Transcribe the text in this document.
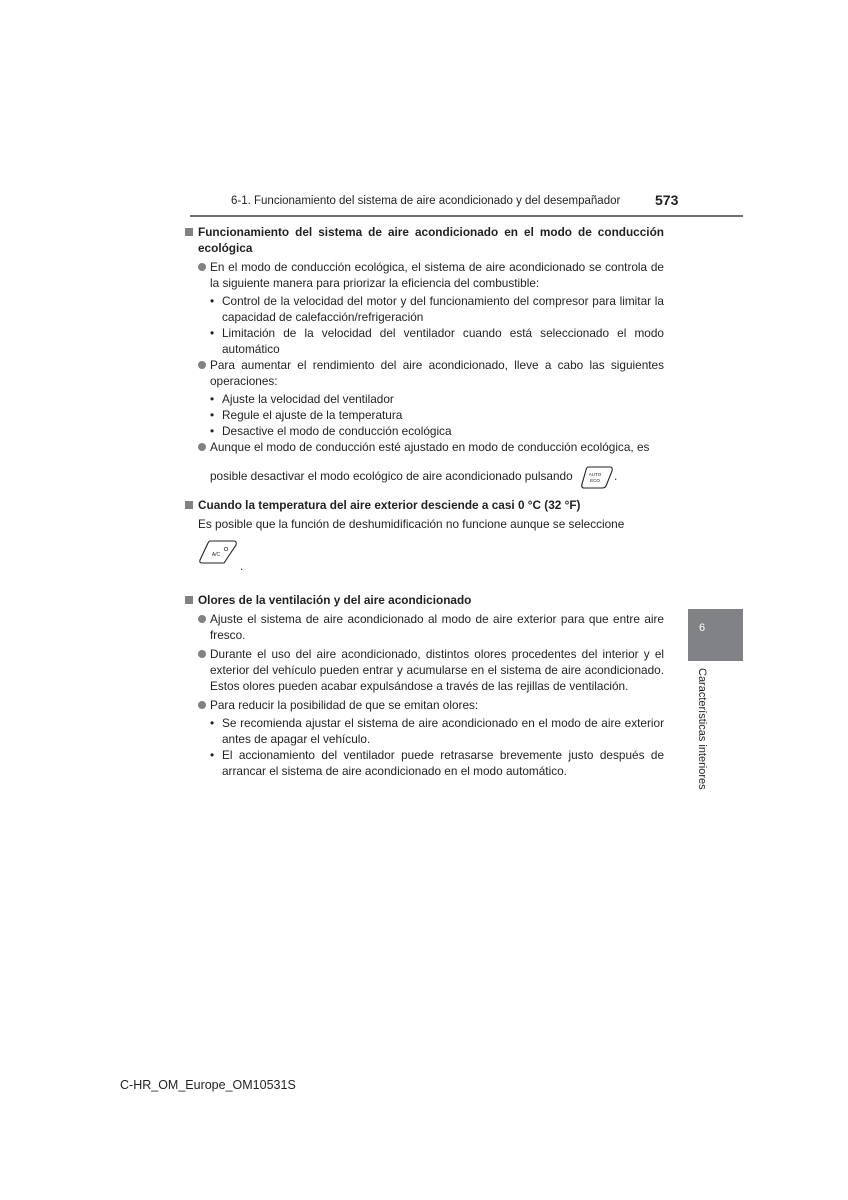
6-1. Funcionamiento del sistema de aire acondicionado y del desempañador 573
Funcionamiento del sistema de aire acondicionado en el modo de conducción ecológica
En el modo de conducción ecológica, el sistema de aire acondicionado se controla de la siguiente manera para priorizar la eficiencia del combustible:
• Control de la velocidad del motor y del funcionamiento del compresor para limitar la capacidad de calefacción/refrigeración
• Limitación de la velocidad del ventilador cuando está seleccionado el modo automático
Para aumentar el rendimiento del aire acondicionado, lleve a cabo las siguientes operaciones:
• Ajuste la velocidad del ventilador
• Regule el ajuste de la temperatura
• Desactive el modo de conducción ecológica
Aunque el modo de conducción esté ajustado en modo de conducción ecológica, es
posible desactivar el modo ecológico de aire acondicionado pulsando	AUTO
ECO .
Cuando la temperatura del aire exterior desciende a casi 0 °C (32 °F)
Es posible que la función de deshumidificación no funcione aunque se seleccione
A/C
.
Olores de la ventilación y del aire acondicionado
Ajuste el sistema de aire acondicionado al modo de aire exterior para que entre aire fresco.
Durante el uso del aire acondicionado, distintos olores procedentes del interior y el exterior del vehículo pueden entrar y acumularse en el sistema de aire acondicionado. Estos olores pueden acabar expulsándose a través de las rejillas de ventilación.
Para reducir la posibilidad de que se emitan olores:
• Se recomienda ajustar el sistema de aire acondicionado en el modo de aire exterior antes de apagar el vehículo.
• El accionamiento del ventilador puede retrasarse brevemente justo después de arrancar el sistema de aire acondicionado en el modo automático.
6
Características interiores
C-HR_OM_Europe_OM10531S
